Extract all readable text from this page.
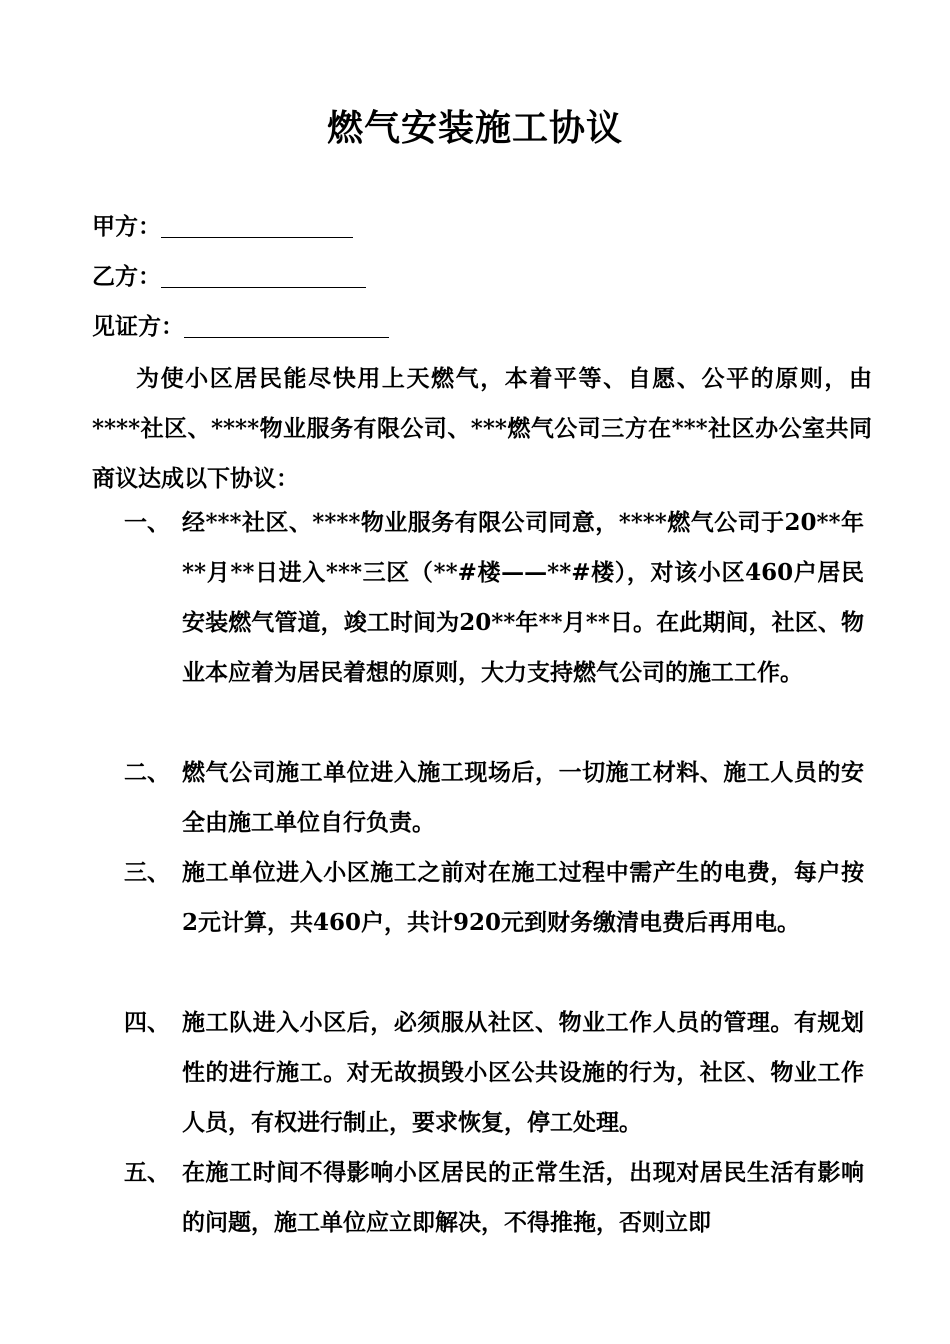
燃气安装施工协议
甲方：
乙方：
见证方：
为使小区居民能尽快用上天燃气，本着平等、自愿、公平的原则，由****社区、****物业服务有限公司、***燃气公司三方在***社区办公室共同商议达成以下协议：
一、 经***社区、****物业服务有限公司同意，****燃气公司于20**年**月**日进入***三区（**#楼——**#楼），对该小区460户居民安装燃气管道，竣工时间为20**年**月**日。在此期间，社区、物业本应着为居民着想的原则，大力支持燃气公司的施工工作。
二、 燃气公司施工单位进入施工现场后，一切施工材料、施工人员的安全由施工单位自行负责。
三、 施工单位进入小区施工之前对在施工过程中需产生的电费，每户按2元计算，共460户，共计920元到财务缴清电费后再用电。
四、 施工队进入小区后，必须服从社区、物业工作人员的管理。有规划性的进行施工。对无故损毁小区公共设施的行为，社区、物业工作人员，有权进行制止，要求恢复，停工处理。
五、 在施工时间不得影响小区居民的正常生活，出现对居民生活有影响的问题，施工单位应立即解决，不得推拖，否则立即
